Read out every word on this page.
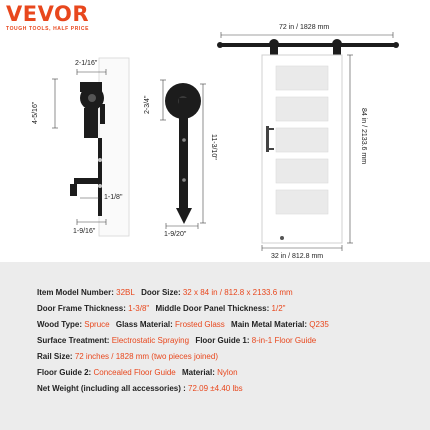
VEVOR
TOUGH TOOLS, HALF PRICE
2-1/16"
4-5/16"
1-1/8"
1-9/16"
2-3/4"
11-3/10"
1-9/20"
72 in / 1828 mm
84 in / 2133.6 mm
32 in / 812.8 mm
Item Model Number: 32BL Door Size: 32 x 84 in / 812.8 x 2133.6 mm
Door Frame Thickness: 1-3/8" Middle Door Panel Thickness: 1/2"
Wood Type: Spruce Glass Material: Frosted Glass Main Metal Material: Q235
Surface Treatment: Electrostatic Spraying Floor Guide 1: 8-in-1 Floor Guide
Rail Size: 72 inches / 1828 mm (two pieces joined)
Floor Guide 2: Concealed Floor Guide Material: Nylon
Net Weight (including all accessories) : 72.09 ±4.40 lbs
